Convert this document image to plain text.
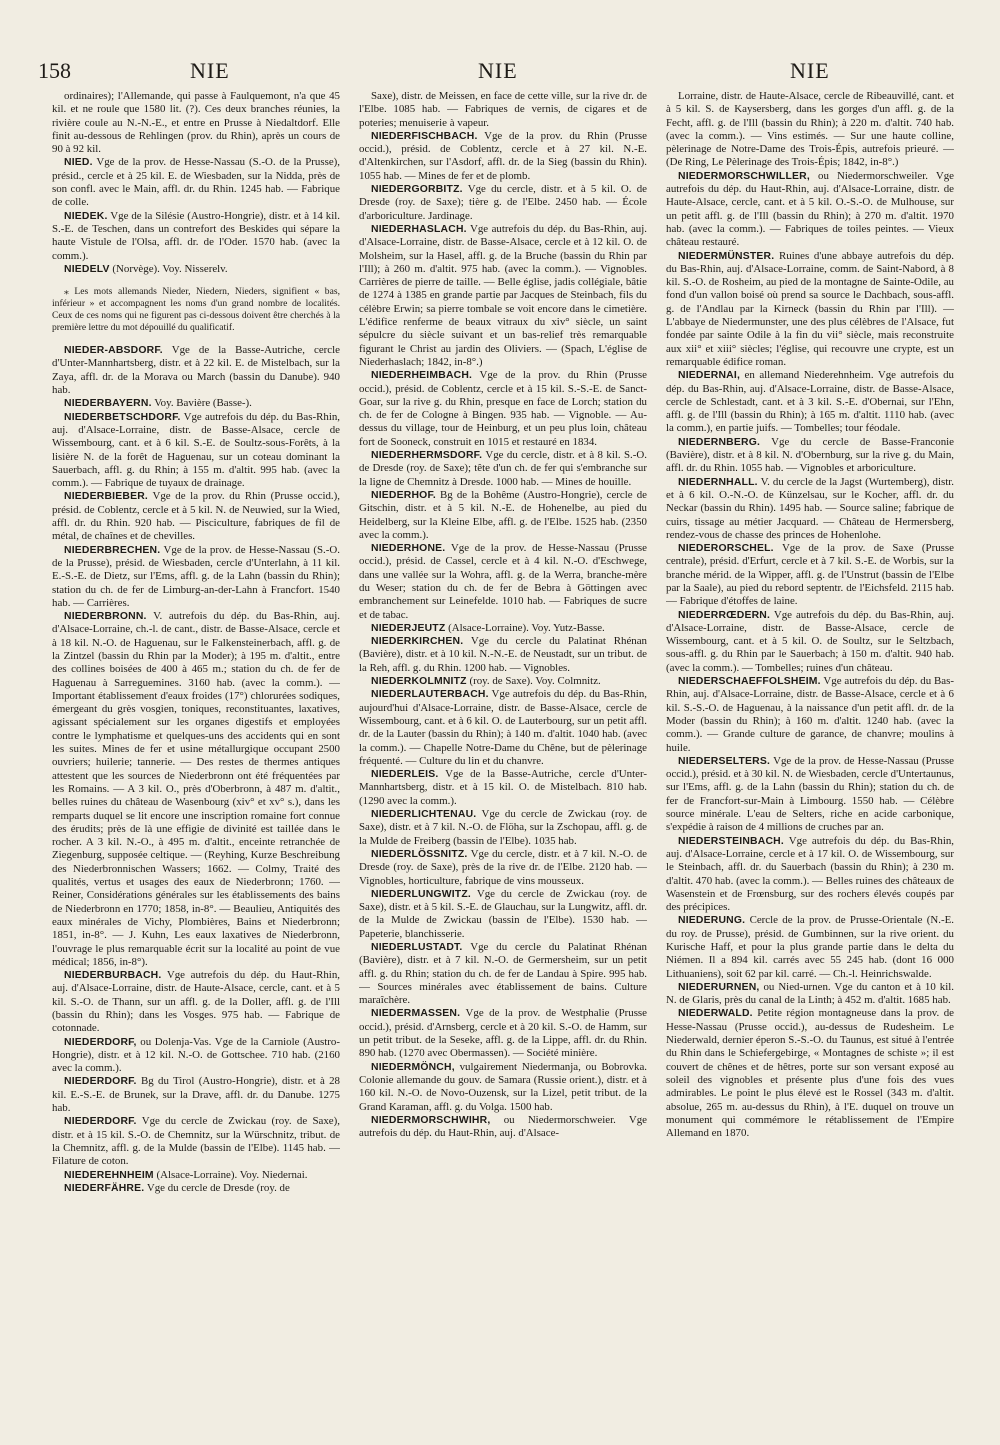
158	NIE	NIE	NIE

ordinaires); l'Allemande, qui passe à Faulquemont, n'a que 45 kil. et ne roule que 1580 lit. (?). Ces deux branches réunies, la rivière coule au N.-N.-E., et entre en Prusse à Niedaltdorf. Elle finit au-dessous de Rehlingen (prov. du Rhin), après un cours de 90 à 92 kil.

NIED. Vge de la prov. de Hesse-Nassau (S.-O. de la Prusse), présid., cercle et à 25 kil. E. de Wiesbaden, sur la Nidda, près de son confl. avec le Main, affl. dr. du Rhin. 1245 hab. — Fabrique de colle.

NIEDEK. Vge de la Silésie (Austro-Hongrie), distr. et à 14 kil. S.-E. de Teschen, dans un contrefort des Beskides qui sépare la haute Vistule de l'Olsa, affl. dr. de l'Oder. 1570 hab. (avec la comm.).

NIEDELV (Norvège). Voy. Nisserelv.

⁎ Les mots allemands Nieder, Niedern, Nieders, signifient « bas, inférieur » et accompagnent les noms d'un grand nombre de localités. Ceux de ces noms qui ne figurent pas ci-dessous doivent être cherchés à la première lettre du mot dépouillé du qualificatif.

NIEDER-ABSDORF. Vge de la Basse-Autriche, cercle d'Unter-Mannhartsberg, distr. et à 22 kil. E. de Mistelbach, sur la Zaya, affl. dr. de la Morava ou March (bassin du Danube). 940 hab.

NIEDERBAYERN. Voy. Bavière (Basse-).

NIEDERBETSCHDORF. Vge autrefois du dép. du Bas-Rhin, auj. d'Alsace-Lorraine, distr. de Basse-Alsace, cercle de Wissembourg, cant. et à 6 kil. S.-E. de Soultz-sous-Forêts, à la lisière N. de la forêt de Haguenau, sur un coteau dominant la Sauerbach, affl. g. du Rhin; à 155 m. d'altit. 995 hab. (avec la comm.). — Fabrique de tuyaux de drainage.

NIEDERBIEBER. Vge de la prov. du Rhin (Prusse occid.), présid. de Coblentz, cercle et à 5 kil. N. de Neuwied, sur la Wied, affl. dr. du Rhin. 920 hab. — Pisciculture, fabriques de fil de métal, de chaînes et de chevilles.

NIEDERBRECHEN. Vge de la prov. de Hesse-Nassau (S.-O. de la Prusse), présid. de Wiesbaden, cercle d'Unterlahn, à 11 kil. E.-S.-E. de Dietz, sur l'Ems, affl. g. de la Lahn (bassin du Rhin); station du ch. de fer de Limburg-an-der-Lahn à Francfort. 1540 hab. — Carrières.

NIEDERBRONN. V. autrefois du dép. du Bas-Rhin, auj. d'Alsace-Lorraine, ch.-l. de cant., distr. de Basse-Alsace, cercle et à 18 kil. N.-O. de Haguenau, sur le Falkensteinerbach, affl. g. de la Zintzel (bassin du Rhin par la Moder); à 195 m. d'altit., entre des collines boisées de 400 à 465 m.; station du ch. de fer de Haguenau à Sarreguemines. 3160 hab. (avec la comm.). — Important établissement d'eaux froides (17°) chlorurées sodiques, émergeant du grès vosgien, toniques, reconstituantes, laxatives, agissant spécialement sur les organes digestifs et employées contre le lymphatisme et quelques-uns des accidents qui en sont les suites. Mines de fer et usine métallurgique occupant 2500 ouvriers; huilerie; tannerie. — Des restes de thermes antiques attestent que les sources de Niederbronn ont été fréquentées par les Romains. — A 3 kil. O., près d'Oberbronn, à 487 m. d'altit., belles ruines du château de Wasenbourg (xiv° et xv° s.), dans les remparts duquel se lit encore une inscription romaine fort connue des érudits; près de là une effigie de divinité est taillée dans le rocher. A 3 kil. N.-O., à 495 m. d'altit., enceinte retranchée de Ziegenburg, supposée celtique. — (Reyhing, Kurze Beschreibung des Niederbronnischen Wassers; 1662. — Colmy, Traité des qualités, vertus et usages des eaux de Niederbronn; 1760. — Reiner, Considérations générales sur les établissements des bains de Niederbronn en 1770; 1858, in-8°. — Beaulieu, Antiquités des eaux minérales de Vichy, Plombières, Bains et Niederbronn; 1851, in-8°. — J. Kuhn, Les eaux laxatives de Niederbronn, l'ouvrage le plus remarquable écrit sur la localité au point de vue médical; 1856, in-8°).

NIEDERBURBACH. Vge autrefois du dép. du Haut-Rhin, auj. d'Alsace-Lorraine, distr. de Haute-Alsace, cercle, cant. et à 5 kil. S.-O. de Thann, sur un affl. g. de la Doller, affl. g. de l'Ill (bassin du Rhin); dans les Vosges. 975 hab. — Fabrique de cotonnade.

NIEDERDORF, ou Dolenja-Vas. Vge de la Carniole (Austro-Hongrie), distr. et à 12 kil. N.-O. de Gottschee. 710 hab. (2160 avec la comm.).

NIEDERDORF. Bg du Tirol (Austro-Hongrie), distr. et à 28 kil. E.-S.-E. de Brunek, sur la Drave, affl. dr. du Danube. 1275 hab.

NIEDERDORF. Vge du cercle de Zwickau (roy. de Saxe), distr. et à 15 kil. S.-O. de Chemnitz, sur la Würschnitz, tribut. de la Chemnitz, affl. g. de la Mulde (bassin de l'Elbe). 1145 hab. — Filature de coton.

NIEDEREHNHEIM (Alsace-Lorraine). Voy. Niedernai.

NIEDERFÄHRE. Vge du cercle de Dresde (roy. de

Saxe), distr. de Meissen, en face de cette ville, sur la rive dr. de l'Elbe. 1085 hab. — Fabriques de vernis, de cigares et de poteries; menuiserie à vapeur.

NIEDERFISCHBACH. Vge de la prov. du Rhin (Prusse occid.), présid. de Coblentz, cercle et à 27 kil. N.-E. d'Altenkirchen, sur l'Asdorf, affl. dr. de la Sieg (bassin du Rhin). 1055 hab. — Mines de fer et de plomb.

NIEDERGORBITZ. Vge du cercle, distr. et à 5 kil. O. de Dresde (roy. de Saxe); tière g. de l'Elbe. 2450 hab. — École d'arboriculture. Jardinage.

NIEDERHASLACH. Vge autrefois du dép. du Bas-Rhin, auj. d'Alsace-Lorraine, distr. de Basse-Alsace, cercle et à 12 kil. O. de Molsheim, sur la Hasel, affl. g. de la Bruche (bassin du Rhin par l'Ill); à 260 m. d'altit. 975 hab. (avec la comm.). — Vignobles. Carrières de pierre de taille. — Belle église, jadis collégiale, bâtie de 1274 à 1385 en grande partie par Jacques de Steinbach, fils du célèbre Erwin; sa pierre tombale se voit encore dans le cimetière. L'édifice renferme de beaux vitraux du xiv° siècle, un saint sépulcre du siècle suivant et un bas-relief très remarquable figurant le Christ au jardin des Oliviers. — (Spach, L'église de Niederhaslach; 1842, in-8°.)

NIEDERHEIMBACH. Vge de la prov. du Rhin (Prusse occid.), présid. de Coblentz, cercle et à 15 kil. S.-S.-E. de Sanct-Goar, sur la rive g. du Rhin, presque en face de Lorch; station du ch. de fer de Cologne à Bingen. 935 hab. — Vignoble. — Au-dessus du village, tour de Heinburg, et un peu plus loin, château fort de Sooneck, construit en 1015 et restauré en 1834.

NIEDERHERMSDORF. Vge du cercle, distr. et à 8 kil. S.-O. de Dresde (roy. de Saxe); tête d'un ch. de fer qui s'embranche sur la ligne de Chemnitz à Dresde. 1000 hab. — Mines de houille.

NIEDERHOF. Bg de la Bohême (Austro-Hongrie), cercle de Gitschin, distr. et à 5 kil. N.-E. de Hohenelbe, au pied du Heidelberg, sur la Kleine Elbe, affl. g. de l'Elbe. 1525 hab. (2350 avec la comm.).

NIEDERHONE. Vge de la prov. de Hesse-Nassau (Prusse occid.), présid. de Cassel, cercle et à 4 kil. N.-O. d'Eschwege, dans une vallée sur la Wohra, affl. g. de la Werra, branche-mère du Weser; station du ch. de fer de Bebra à Göttingen avec embranchement sur Leinefelde. 1010 hab. — Fabriques de sucre et de tabac.

NIEDERJEUTZ (Alsace-Lorraine). Voy. Yutz-Basse.

NIEDERKIRCHEN. Vge du cercle du Palatinat Rhénan (Bavière), distr. et à 10 kil. N.-N.-E. de Neustadt, sur un tribut. de la Reh, affl. g. du Rhin. 1200 hab. — Vignobles.

NIEDERKOLMNITZ (roy. de Saxe). Voy. Colmnitz.

NIEDERLAUTERBACH. Vge autrefois du dép. du Bas-Rhin, aujourd'hui d'Alsace-Lorraine, distr. de Basse-Alsace, cercle de Wissembourg, cant. et à 6 kil. O. de Lauterbourg, sur un petit affl. dr. de la Lauter (bassin du Rhin); à 140 m. d'altit. 1040 hab. (avec la comm.). — Chapelle Notre-Dame du Chêne, but de pèlerinage fréquenté. — Culture du lin et du chanvre.

NIEDERLEIS. Vge de la Basse-Autriche, cercle d'Unter-Mannhartsberg, distr. et à 15 kil. O. de Mistelbach. 810 hab. (1290 avec la comm.).

NIEDERLICHTENAU. Vge du cercle de Zwickau (roy. de Saxe), distr. et à 7 kil. N.-O. de Flöha, sur la Zschopau, affl. g. de la Mulde de Freiberg (bassin de l'Elbe). 1035 hab.

NIEDERLÖSSNITZ. Vge du cercle, distr. et à 7 kil. N.-O. de Dresde (roy. de Saxe), près de la rive dr. de l'Elbe. 2120 hab. — Vignobles, horticulture, fabrique de vins mousseux.

NIEDERLUNGWITZ. Vge du cercle de Zwickau (roy. de Saxe), distr. et à 5 kil. S.-E. de Glauchau, sur la Lungwitz, affl. dr. de la Mulde de Zwickau (bassin de l'Elbe). 1530 hab. — Papeterie, blanchisserie.

NIEDERLUSTADT. Vge du cercle du Palatinat Rhénan (Bavière), distr. et à 7 kil. N.-O. de Germersheim, sur un petit affl. g. du Rhin; station du ch. de fer de Landau à Spire. 995 hab. — Sources minérales avec établissement de bains. Culture maraîchère.

NIEDERMASSEN. Vge de la prov. de Westphalie (Prusse occid.), présid. d'Arnsberg, cercle et à 20 kil. S.-O. de Hamm, sur un petit tribut. de la Seseke, affl. g. de la Lippe, affl. dr. du Rhin. 890 hab. (1270 avec Obermassen). — Société minière.

NIEDERMÖNCH, vulgairement Niedermanja, ou Bobrovka. Colonie allemande du gouv. de Samara (Russie orient.), distr. et à 160 kil. N.-O. de Novo-Ouzensk, sur la Lizel, petit tribut. de la Grand Karaman, affl. g. du Volga. 1500 hab.

NIEDERMORSCHWIHR, ou Niedermorschweier. Vge autrefois du dép. du Haut-Rhin, auj. d'Alsace-

Lorraine, distr. de Haute-Alsace, cercle de Ribeauvillé, cant. et à 5 kil. S. de Kaysersberg, dans les gorges d'un affl. g. de la Fecht, affl. g. de l'Ill (bassin du Rhin); à 220 m. d'altit. 740 hab. (avec la comm.). — Vins estimés. — Sur une haute colline, pèlerinage de Notre-Dame des Trois-Épis, autrefois prieuré. — (De Ring, Le Pèlerinage des Trois-Épis; 1842, in-8°.)

NIEDERMORSCHWILLER, ou Niedermorschweiler. Vge autrefois du dép. du Haut-Rhin, auj. d'Alsace-Lorraine, distr. de Haute-Alsace, cercle, cant. et à 5 kil. O.-S.-O. de Mulhouse, sur un petit affl. g. de l'Ill (bassin du Rhin); à 270 m. d'altit. 1970 hab. (avec la comm.). — Fabriques de toiles peintes. — Vieux château restauré.

NIEDERMÜNSTER. Ruines d'une abbaye autrefois du dép. du Bas-Rhin, auj. d'Alsace-Lorraine, comm. de Saint-Nabord, à 8 kil. S.-O. de Rosheim, au pied de la montagne de Sainte-Odile, au fond d'un vallon boisé où prend sa source le Dachbach, sous-affl. g. de l'Andlau par la Kirneck (bassin du Rhin par l'Ill). — L'abbaye de Niedermunster, une des plus célèbres de l'Alsace, fut fondée par sainte Odile à la fin du vii° siècle, mais reconstruite aux xii° et xiii° siècles; l'église, qui recouvre une crypte, est un remarquable édifice roman.

NIEDERNAI, en allemand Niederehnheim. Vge autrefois du dép. du Bas-Rhin, auj. d'Alsace-Lorraine, distr. de Basse-Alsace, cercle de Schlestadt, cant. et à 3 kil. S.-E. d'Obernai, sur l'Ehn, affl. g. de l'Ill (bassin du Rhin); à 165 m. d'altit. 1110 hab. (avec la comm.), en partie juifs. — Tombelles; tour féodale.

NIEDERNBERG. Vge du cercle de Basse-Franconie (Bavière), distr. et à 8 kil. N. d'Obernburg, sur la rive g. du Main, affl. dr. du Rhin. 1055 hab. — Vignobles et arboriculture.

NIEDERNHALL. V. du cercle de la Jagst (Wurtemberg), distr. et à 6 kil. O.-N.-O. de Künzelsau, sur le Kocher, affl. dr. du Neckar (bassin du Rhin). 1495 hab. — Source saline; fabrique de cuirs, tissage au métier Jacquard. — Château de Hermersberg, rendez-vous de chasse des princes de Hohenlohe.

NIEDERORSCHEL. Vge de la prov. de Saxe (Prusse centrale), présid. d'Erfurt, cercle et à 7 kil. S.-E. de Worbis, sur la branche mérid. de la Wipper, affl. g. de l'Unstrut (bassin de l'Elbe par la Saale), au pied du rebord septentr. de l'Eichsfeld. 2115 hab. — Fabrique d'étoffes de laine.

NIEDERRŒDERN. Vge autrefois du dép. du Bas-Rhin, auj. d'Alsace-Lorraine, distr. de Basse-Alsace, cercle de Wissembourg, cant. et à 5 kil. O. de Soultz, sur le Seltzbach, sous-affl. g. du Rhin par le Sauerbach; à 150 m. d'altit. 940 hab. (avec la comm.). — Tombelles; ruines d'un château.

NIEDERSCHAEFFOLSHEIM. Vge autrefois du dép. du Bas-Rhin, auj. d'Alsace-Lorraine, distr. de Basse-Alsace, cercle et à 6 kil. S.-S.-O. de Haguenau, à la naissance d'un petit affl. dr. de la Moder (bassin du Rhin); à 160 m. d'altit. 1240 hab. (avec la comm.). — Grande culture de garance, de chanvre; moulins à huile.

NIEDERSELTERS. Vge de la prov. de Hesse-Nassau (Prusse occid.), présid. et à 30 kil. N. de Wiesbaden, cercle d'Untertaunus, sur l'Ems, affl. g. de la Lahn (bassin du Rhin); station du ch. de fer de Francfort-sur-Main à Limbourg. 1550 hab. — Célèbre source minérale. L'eau de Selters, riche en acide carbonique, s'expédie à raison de 4 millions de cruches par an.

NIEDERSTEINBACH. Vge autrefois du dép. du Bas-Rhin, auj. d'Alsace-Lorraine, cercle et à 17 kil. O. de Wissembourg, sur le Steinbach, affl. dr. du Sauerbach (bassin du Rhin); à 230 m. d'altit. 470 hab. (avec la comm.). — Belles ruines des châteaux de Wasenstein et de Frœnsburg, sur des rochers élevés coupés par des précipices.

NIEDERUNG. Cercle de la prov. de Prusse-Orientale (N.-E. du roy. de Prusse), présid. de Gumbinnen, sur la rive orient. du Kurische Haff, et pour la plus grande partie dans le delta du Niémen. Il a 894 kil. carrés avec 55 245 hab. (dont 16 000 Lithuaniens), soit 62 par kil. carré. — Ch.-l. Heinrichswalde.

NIEDERURNEN, ou Nied-urnen. Vge du canton et à 10 kil. N. de Glaris, près du canal de la Linth; à 452 m. d'altit. 1685 hab.

NIEDERWALD. Petite région montagneuse dans la prov. de Hesse-Nassau (Prusse occid.), au-dessus de Rudesheim. Le Niederwald, dernier éperon S.-S.-O. du Taunus, est situé à l'entrée du Rhin dans le Schiefergebirge, « Montagnes de schiste »; il est couvert de chênes et de hêtres, porte sur son versant exposé au soleil des vignobles et présente plus d'une fois des vues admirables. Le point le plus élevé est le Rossel (343 m. d'altit. absolue, 265 m. au-dessus du Rhin), à l'E. duquel on trouve un monument qui commémore le rétablissement de l'Empire Allemand en 1870.
